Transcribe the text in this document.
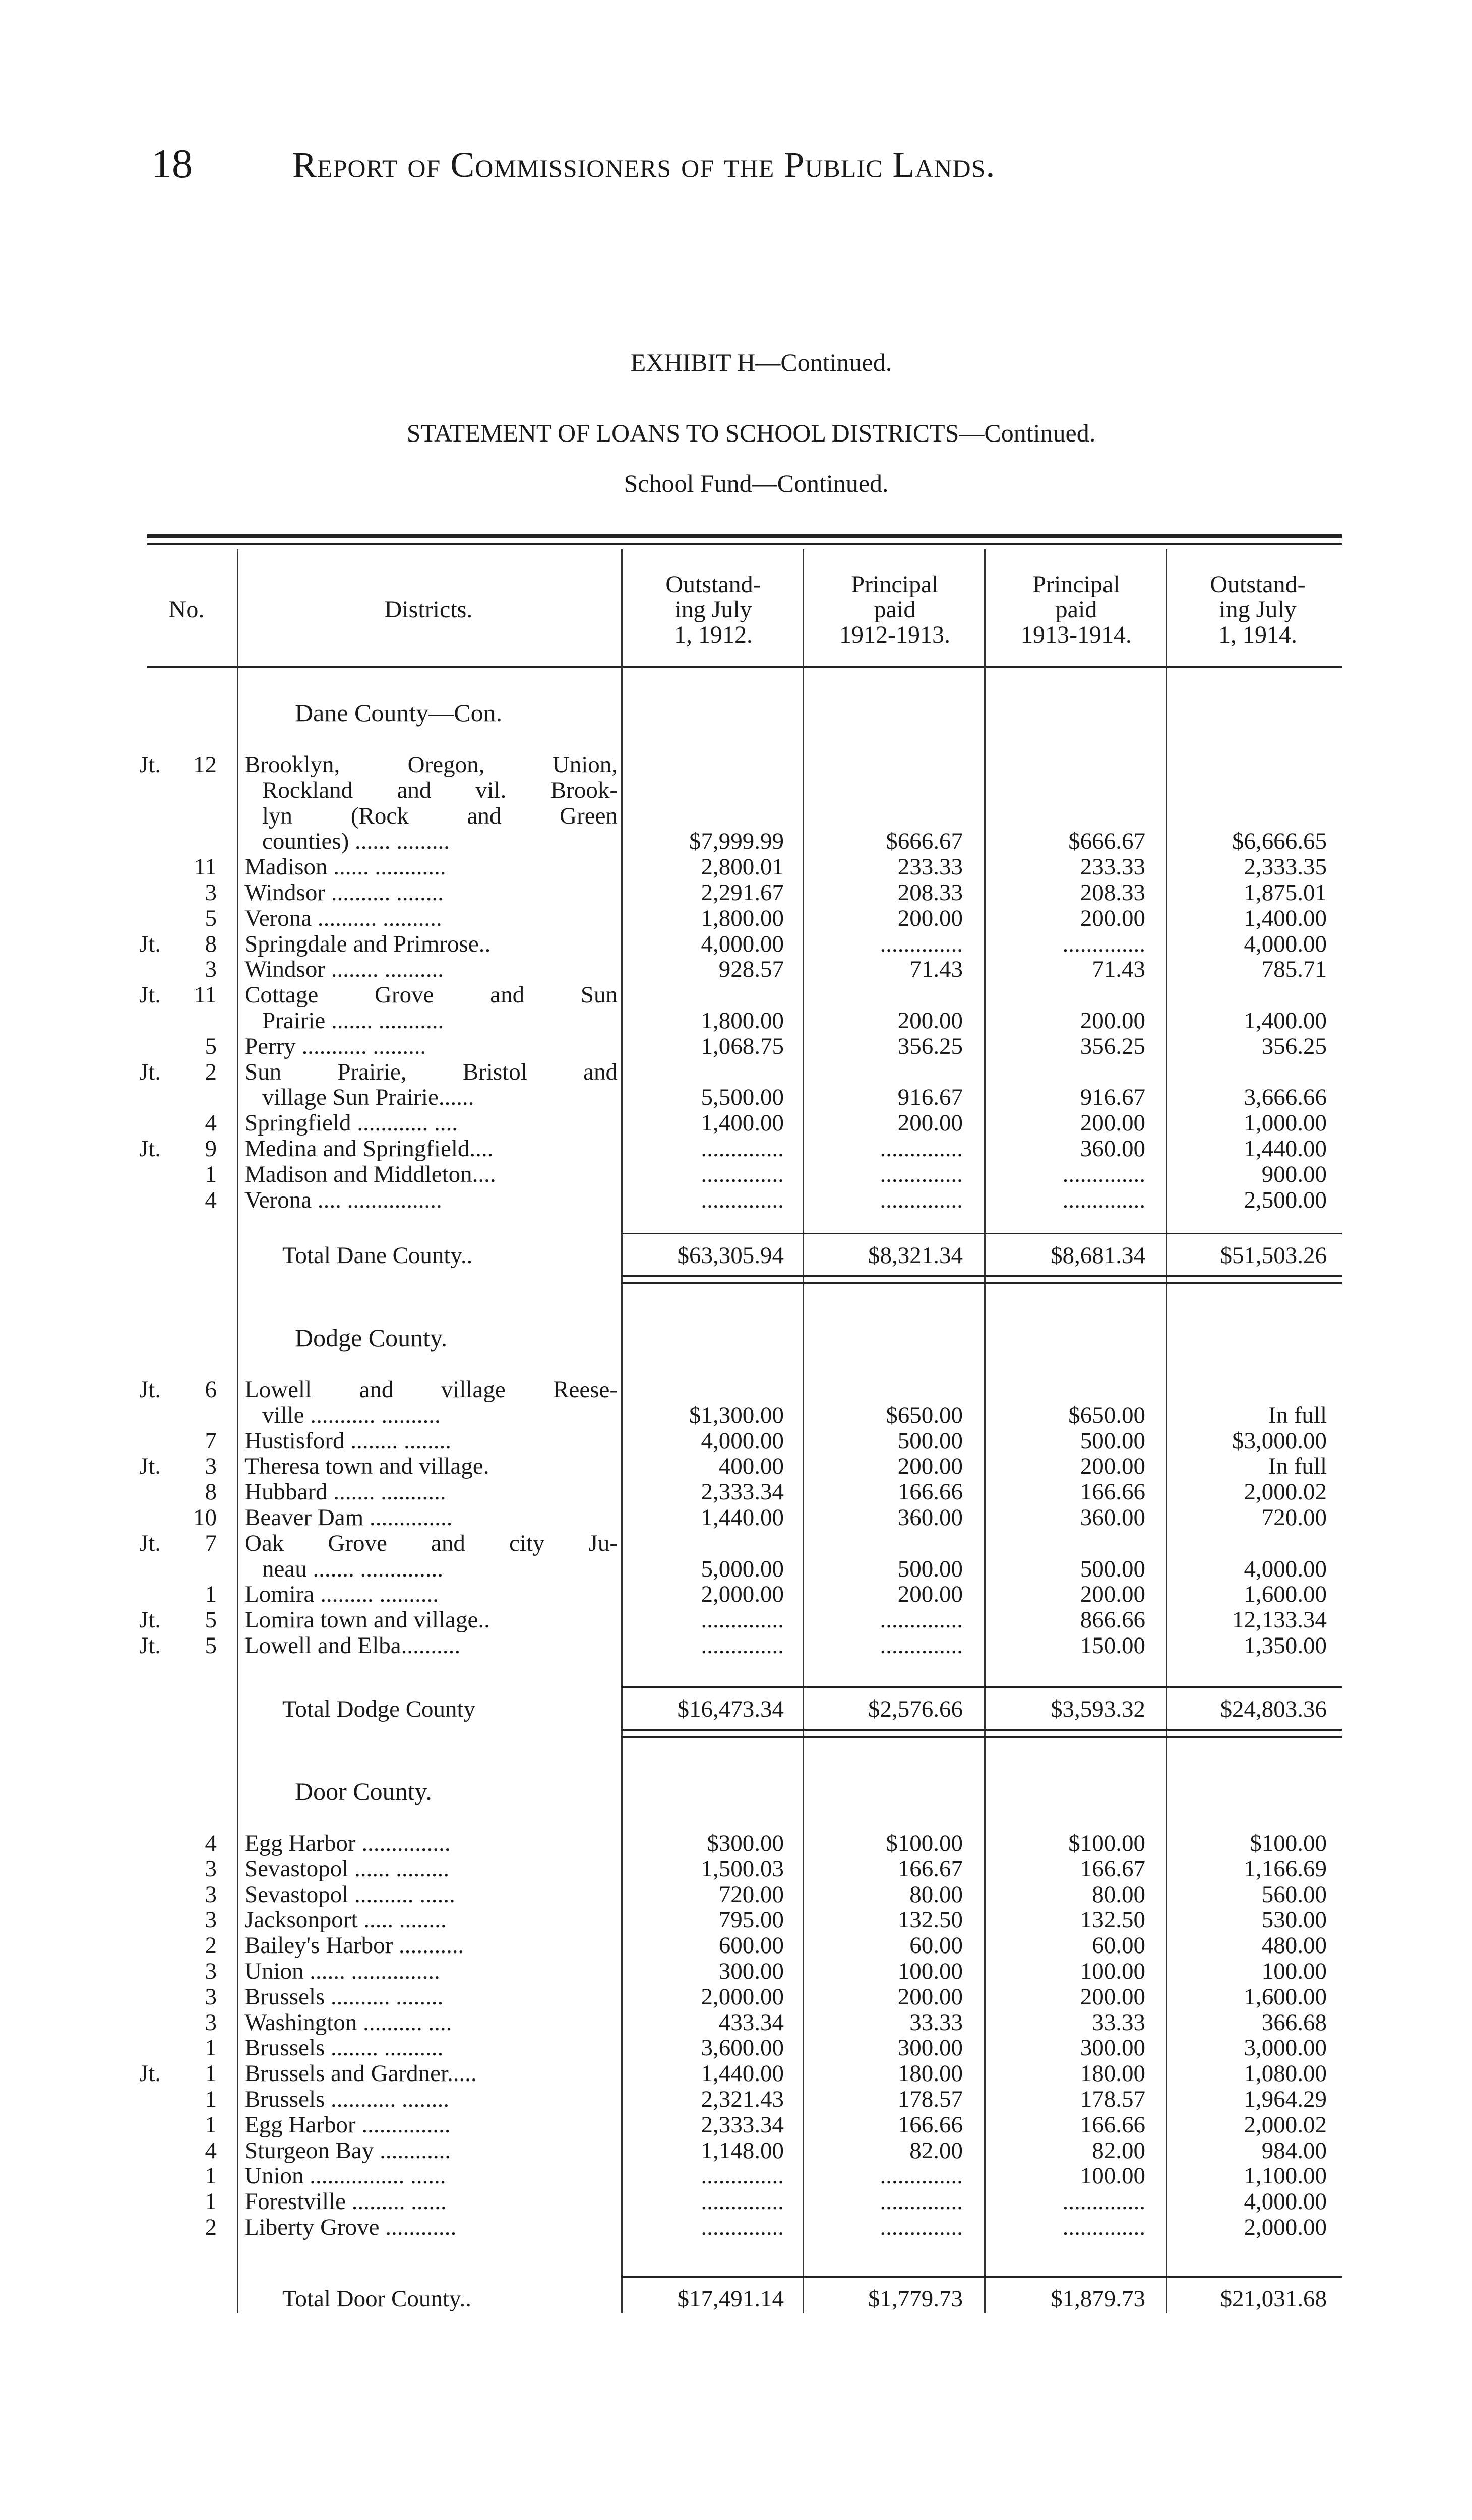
18	Report of Commissioners of the Public Lands.
EXHIBIT H—Continued.
STATEMENT OF LOANS TO SCHOOL DISTRICTS—Continued.
School Fund—Continued.
No.	Districts.
Outstand-
ing July
1, 1912.
Principal
paid
1912-1913.
Principal
paid
1913-1914.
Outstand-
ing July
1, 1914.
Dane County—Con.
Jt.	12 Brooklyn, Oregon, Union,
Rockland and vil. Brook-
lyn (Rock and Green
counties) ...... .........	$7,999.99	$666.67	$666.67	$6,666.65
11 Madison ...... ............	2,800.01	233.33	233.33	2,333.35
3 Windsor .......... ........	2,291.67	208.33	208.33	1,875.01
5 Verona .......... ..........	1,800.00	200.00	200.00	1,400.00
Jt.	8 Springdale and Primrose..	4,000.00	..............	..............	4,000.00
3 Windsor ........ ..........	928.57	71.43	71.43	785.71
Jt.	11 Cottage Grove and Sun
Prairie ....... ...........	1,800.00	200.00	200.00	1,400.00
5 Perry ........... .........	1,068.75	356.25	356.25	356.25
Jt.	2 Sun Prairie, Bristol and
village Sun Prairie......	5,500.00	916.67	916.67	3,666.66
4 Springfield ............ ....	1,400.00	200.00	200.00	1,000.00
Jt.	9 Medina and Springfield....	..............	..............	360.00	1,440.00
1 Madison and Middleton....	..............	..............	..............	900.00
4 Verona .... ................	..............	..............	..............	2,500.00
Total Dane County..	$63,305.94	$8,321.34	$8,681.34	$51,503.26
Dodge County.
Jt.	6 Lowell and village Reese-
ville ........... ..........	$1,300.00	$650.00	$650.00	In full
7 Hustisford ........ ........	4,000.00	500.00	500.00	$3,000.00
Jt.	3 Theresa town and village.	400.00	200.00	200.00	In full
8 Hubbard ....... ...........	2,333.34	166.66	166.66	2,000.02
10 Beaver Dam ..............	1,440.00	360.00	360.00	720.00
Jt.	7 Oak Grove and city Ju-
neau ....... ..............	5,000.00	500.00	500.00	4,000.00
1 Lomira ......... ..........	2,000.00	200.00	200.00	1,600.00
Jt.	5 Lomira town and village..	..............	..............	866.66	12,133.34
Jt.	5 Lowell and Elba..........	..............	..............	150.00	1,350.00
Total Dodge County	$16,473.34	$2,576.66	$3,593.32	$24,803.36
Door County.
4 Egg Harbor ...............	$300.00	$100.00	$100.00	$100.00
3 Sevastopol ...... .........	1,500.03	166.67	166.67	1,166.69
3 Sevastopol .......... ......	720.00	80.00	80.00	560.00
3 Jacksonport ..... ........	795.00	132.50	132.50	530.00
2 Bailey's Harbor ...........	600.00	60.00	60.00	480.00
3 Union ...... ...............	300.00	100.00	100.00	100.00
3 Brussels .......... ........	2,000.00	200.00	200.00	1,600.00
3 Washington .......... ....	433.34	33.33	33.33	366.68
1 Brussels ........ ..........	3,600.00	300.00	300.00	3,000.00
Jt.	1 Brussels and Gardner.....	1,440.00	180.00	180.00	1,080.00
1 Brussels ........... ........	2,321.43	178.57	178.57	1,964.29
1 Egg Harbor ...............	2,333.34	166.66	166.66	2,000.02
4 Sturgeon Bay ............	1,148.00	82.00	82.00	984.00
1 Union ................ ......	..............	..............	100.00	1,100.00
1 Forestville ......... ......	..............	..............	..............	4,000.00
2 Liberty Grove ............	..............	..............	..............	2,000.00
Total Door County..	$17,491.14	$1,779.73	$1,879.73	$21,031.68
